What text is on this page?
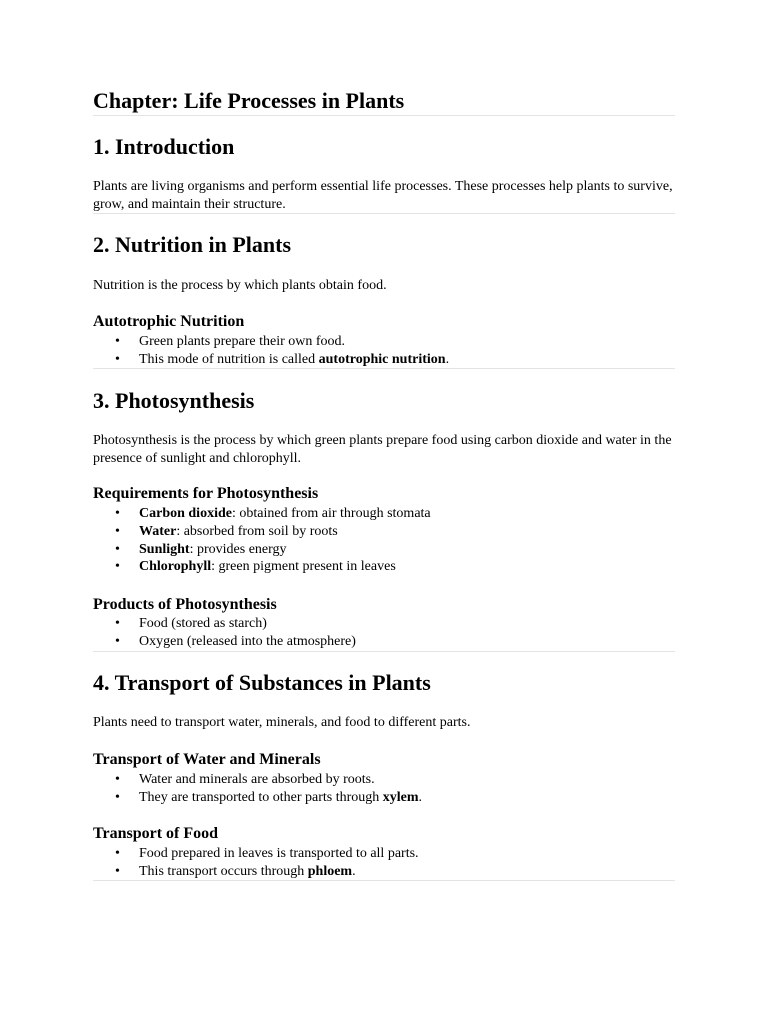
Chapter: Life Processes in Plants
1. Introduction

Plants are living organisms and perform essential life processes. These processes help plants to survive, grow, and maintain their structure.

2. Nutrition in Plants

Nutrition is the process by which plants obtain food.

Autotrophic Nutrition
• Green plants prepare their own food.
• This mode of nutrition is called autotrophic nutrition.
3. Photosynthesis

Photosynthesis is the process by which green plants prepare food using carbon dioxide and water in the presence of sunlight and chlorophyll.

Requirements for Photosynthesis
• Carbon dioxide: obtained from air through stomata
• Water: absorbed from soil by roots
• Sunlight: provides energy
• Chlorophyll: green pigment present in leaves
Products of Photosynthesis
• Food (stored as starch)
• Oxygen (released into the atmosphere)
4. Transport of Substances in Plants

Plants need to transport water, minerals, and food to different parts.

Transport of Water and Minerals
• Water and minerals are absorbed by roots.
• They are transported to other parts through xylem.
Transport of Food
• Food prepared in leaves is transported to all parts.
• This transport occurs through phloem.
